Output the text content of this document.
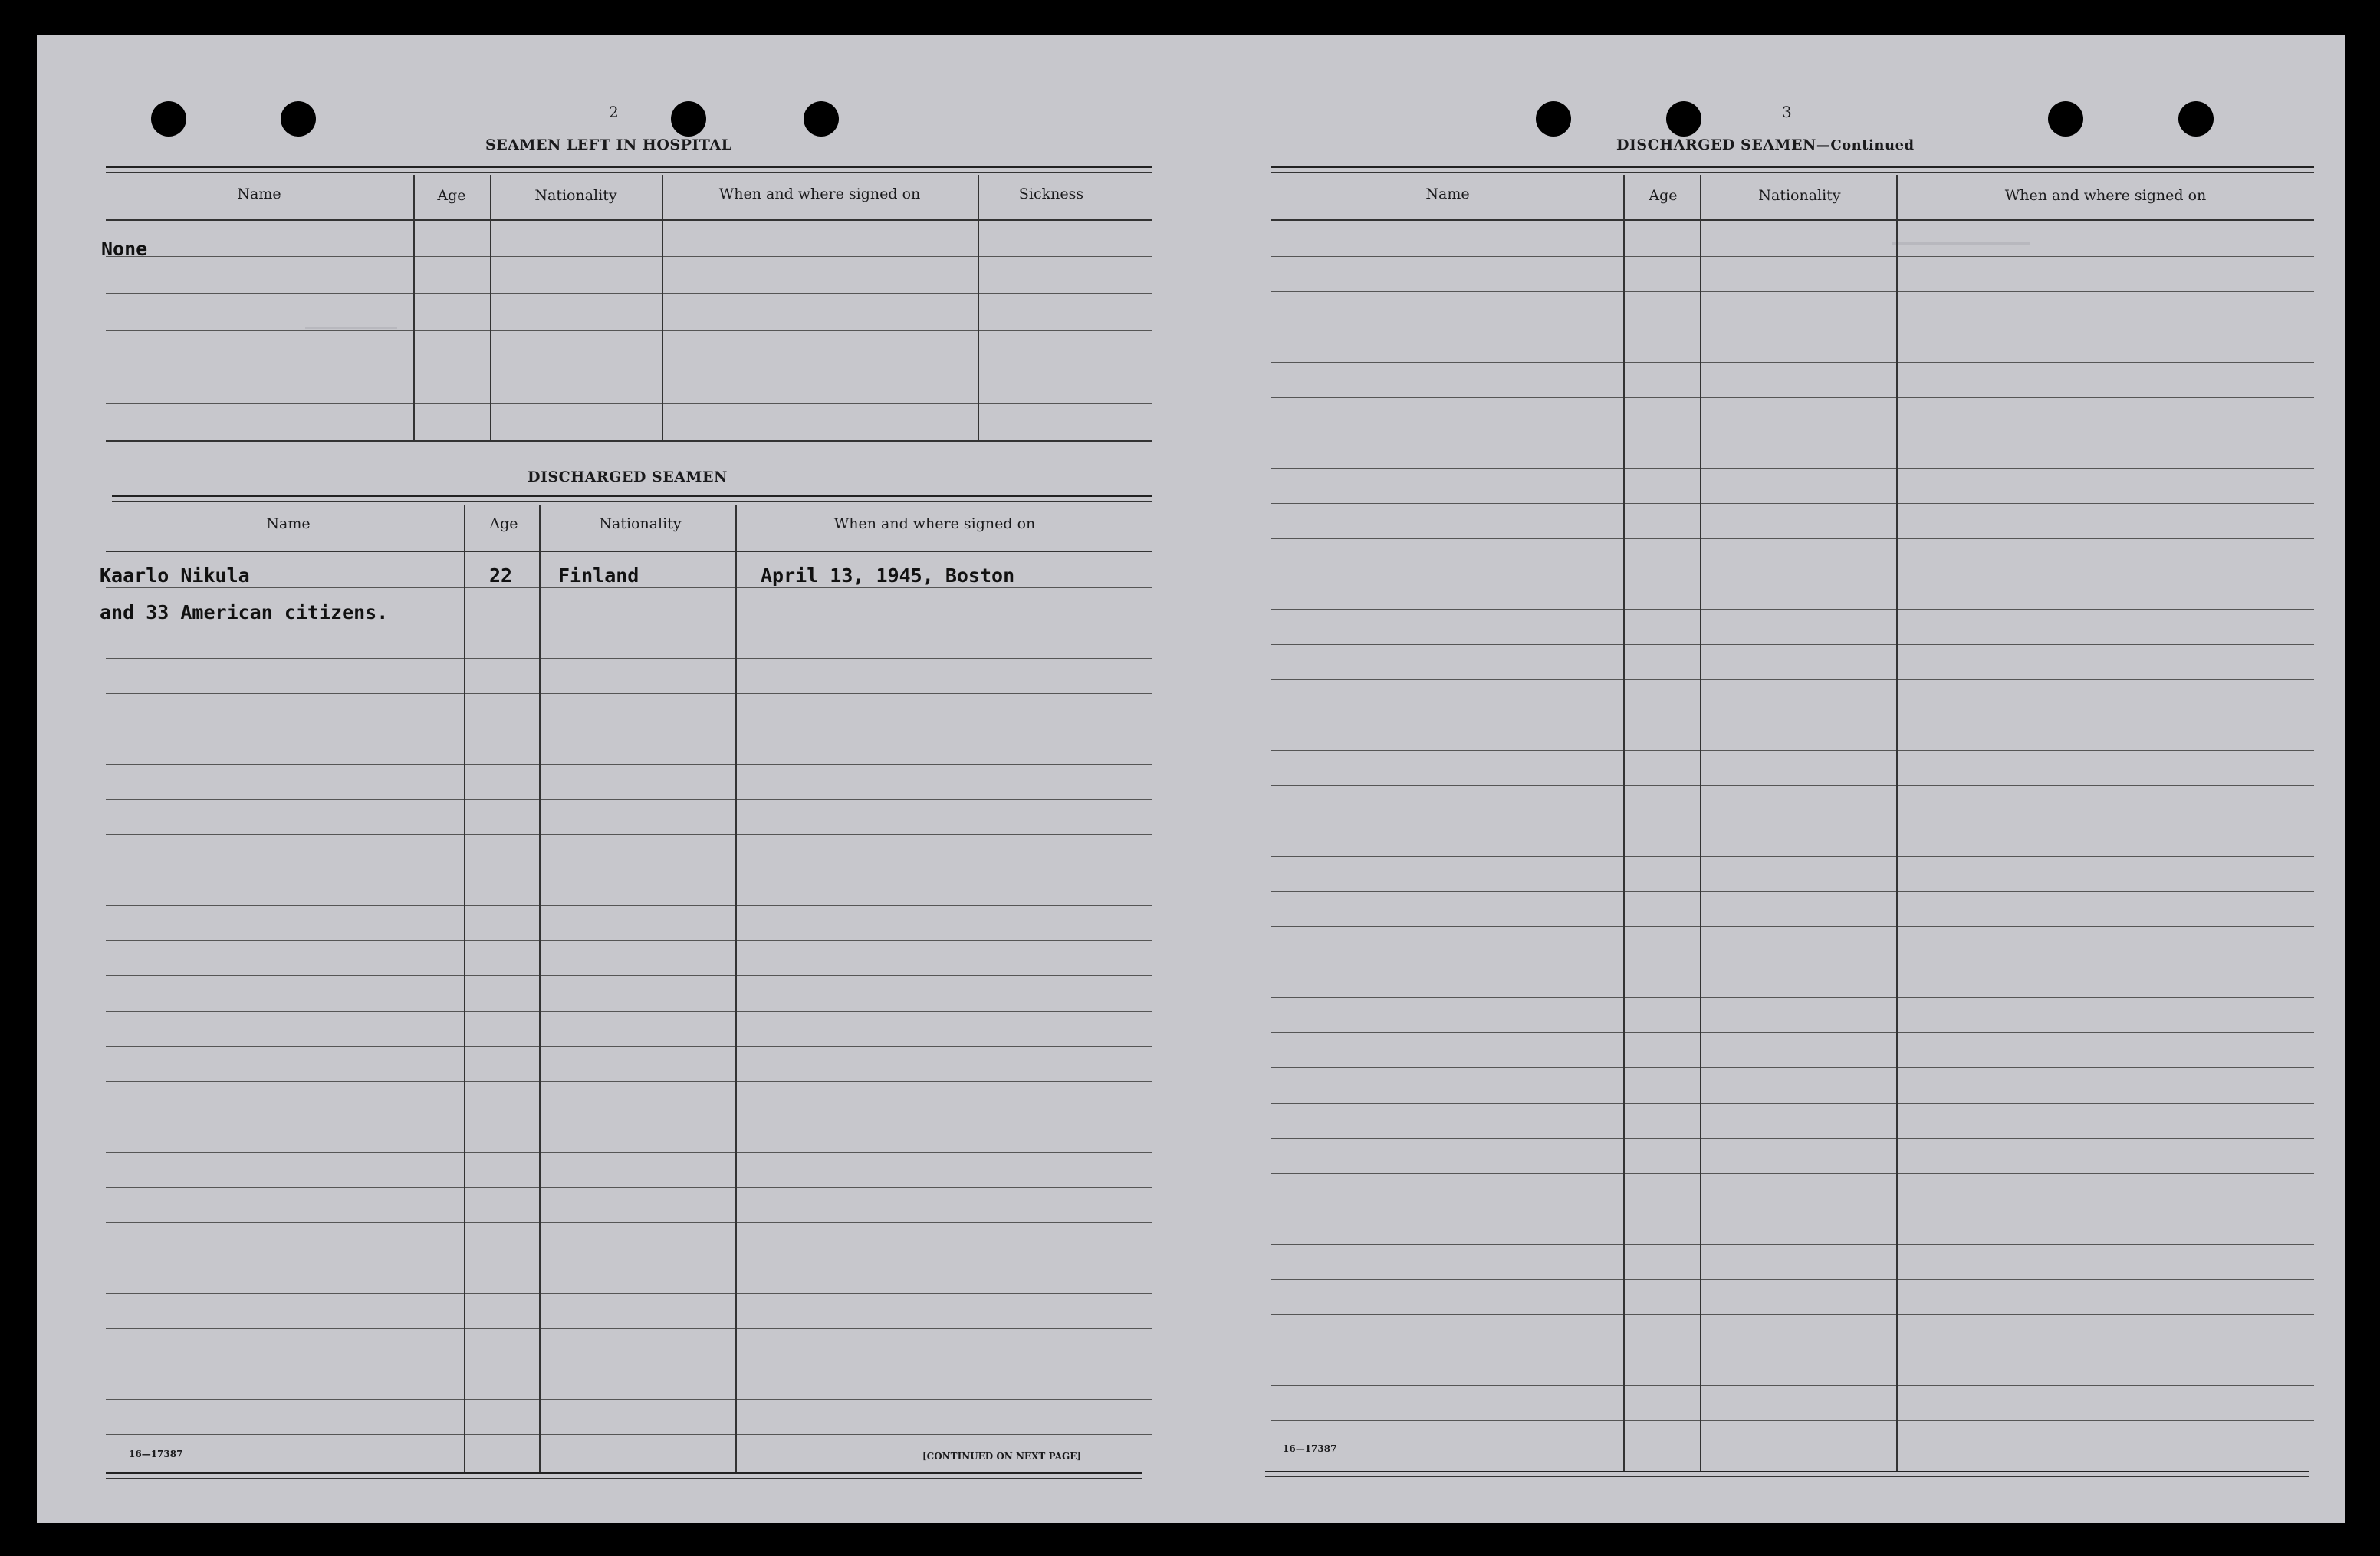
2
SEAMEN LEFT IN HOSPITAL
Name	Age	Nationality	When and where signed on	Sickness
None
DISCHARGED SEAMEN
Name	Age	Nationality	When and where signed on
Kaarlo Nikula	22 Finland	April 13, 1945, Boston
and 33 American citizens.
16—17387	[CONTINUED ON NEXT PAGE]
3
DISCHARGED SEAMEN—Continued
Name	Age	Nationality	When and where signed on
16—17387
